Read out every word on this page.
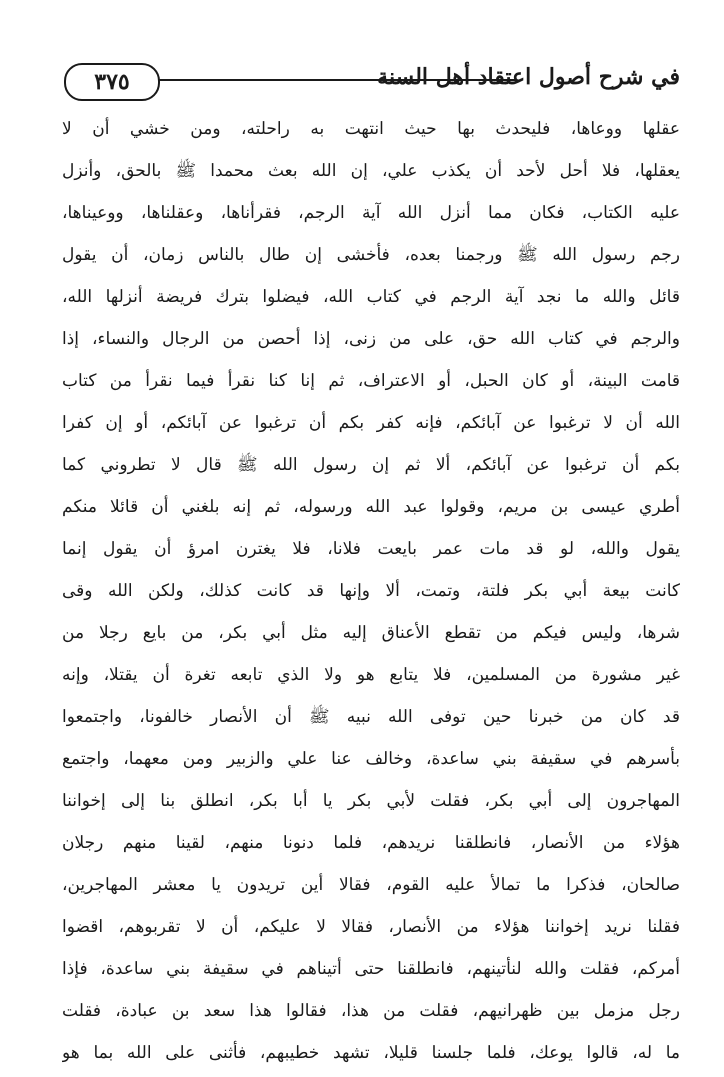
٣٧٥	في شرح أصول اعتقاد أهل السنة
عقلها ووعاها، فليحدث بها حيث انتهت به راحلته، ومن خشي أن لا
يعقلها، فلا أحل لأحد أن يكذب علي، إن الله بعث محمدا ﷺ بالحق، وأنزل
عليه الكتاب، فكان مما أنزل الله آية الرجم، فقرأناها، وعقلناها، ووعيناها،
رجم رسول الله ﷺ ورجمنا بعده، فأخشى إن طال بالناس زمان، أن يقول
قائل والله ما نجد آية الرجم في كتاب الله، فيضلوا بترك فريضة أنزلها الله،
والرجم في كتاب الله حق، على من زنى، إذا أحصن من الرجال والنساء، إذا
قامت البينة، أو كان الحبل، أو الاعتراف، ثم إنا كنا نقرأ فيما نقرأ من كتاب
الله أن لا ترغبوا عن آبائكم، فإنه كفر بكم أن ترغبوا عن آبائكم، أو إن كفرا
بكم أن ترغبوا عن آبائكم، ألا ثم إن رسول الله ﷺ قال لا تطروني كما
أطري عيسى بن مريم، وقولوا عبد الله ورسوله، ثم إنه بلغني أن قائلا منكم
يقول والله، لو قد مات عمر بايعت فلانا، فلا يغترن امرؤ أن يقول إنما
كانت بيعة أبي بكر فلتة، وتمت، ألا وإنها قد كانت كذلك، ولكن الله وقى
شرها، وليس فيكم من تقطع الأعناق إليه مثل أبي بكر، من بايع رجلا من
غير مشورة من المسلمين، فلا يتابع هو ولا الذي تابعه تغرة أن يقتلا، وإنه
قد كان من خبرنا حين توفى الله نبيه ﷺ أن الأنصار خالفونا، واجتمعوا
بأسرهم في سقيفة بني ساعدة، وخالف عنا علي والزبير ومن معهما، واجتمع
المهاجرون إلى أبي بكر، فقلت لأبي بكر يا أبا بكر، انطلق بنا إلى إخواننا
هؤلاء من الأنصار، فانطلقنا نريدهم، فلما دنونا منهم، لقينا منهم رجلان
صالحان، فذكرا ما تمالأ عليه القوم، فقالا أين تريدون يا معشر المهاجرين،
فقلنا نريد إخواننا هؤلاء من الأنصار، فقالا لا عليكم، أن لا تقربوهم، اقضوا
أمركم، فقلت والله لنأتينهم، فانطلقنا حتى أتيناهم في سقيفة بني ساعدة، فإذا
رجل مزمل بين ظهرانيهم، فقلت من هذا، فقالوا هذا سعد بن عبادة، فقلت
ما له، قالوا يوعك، فلما جلسنا قليلا، تشهد خطيبهم، فأثنى على الله بما هو
